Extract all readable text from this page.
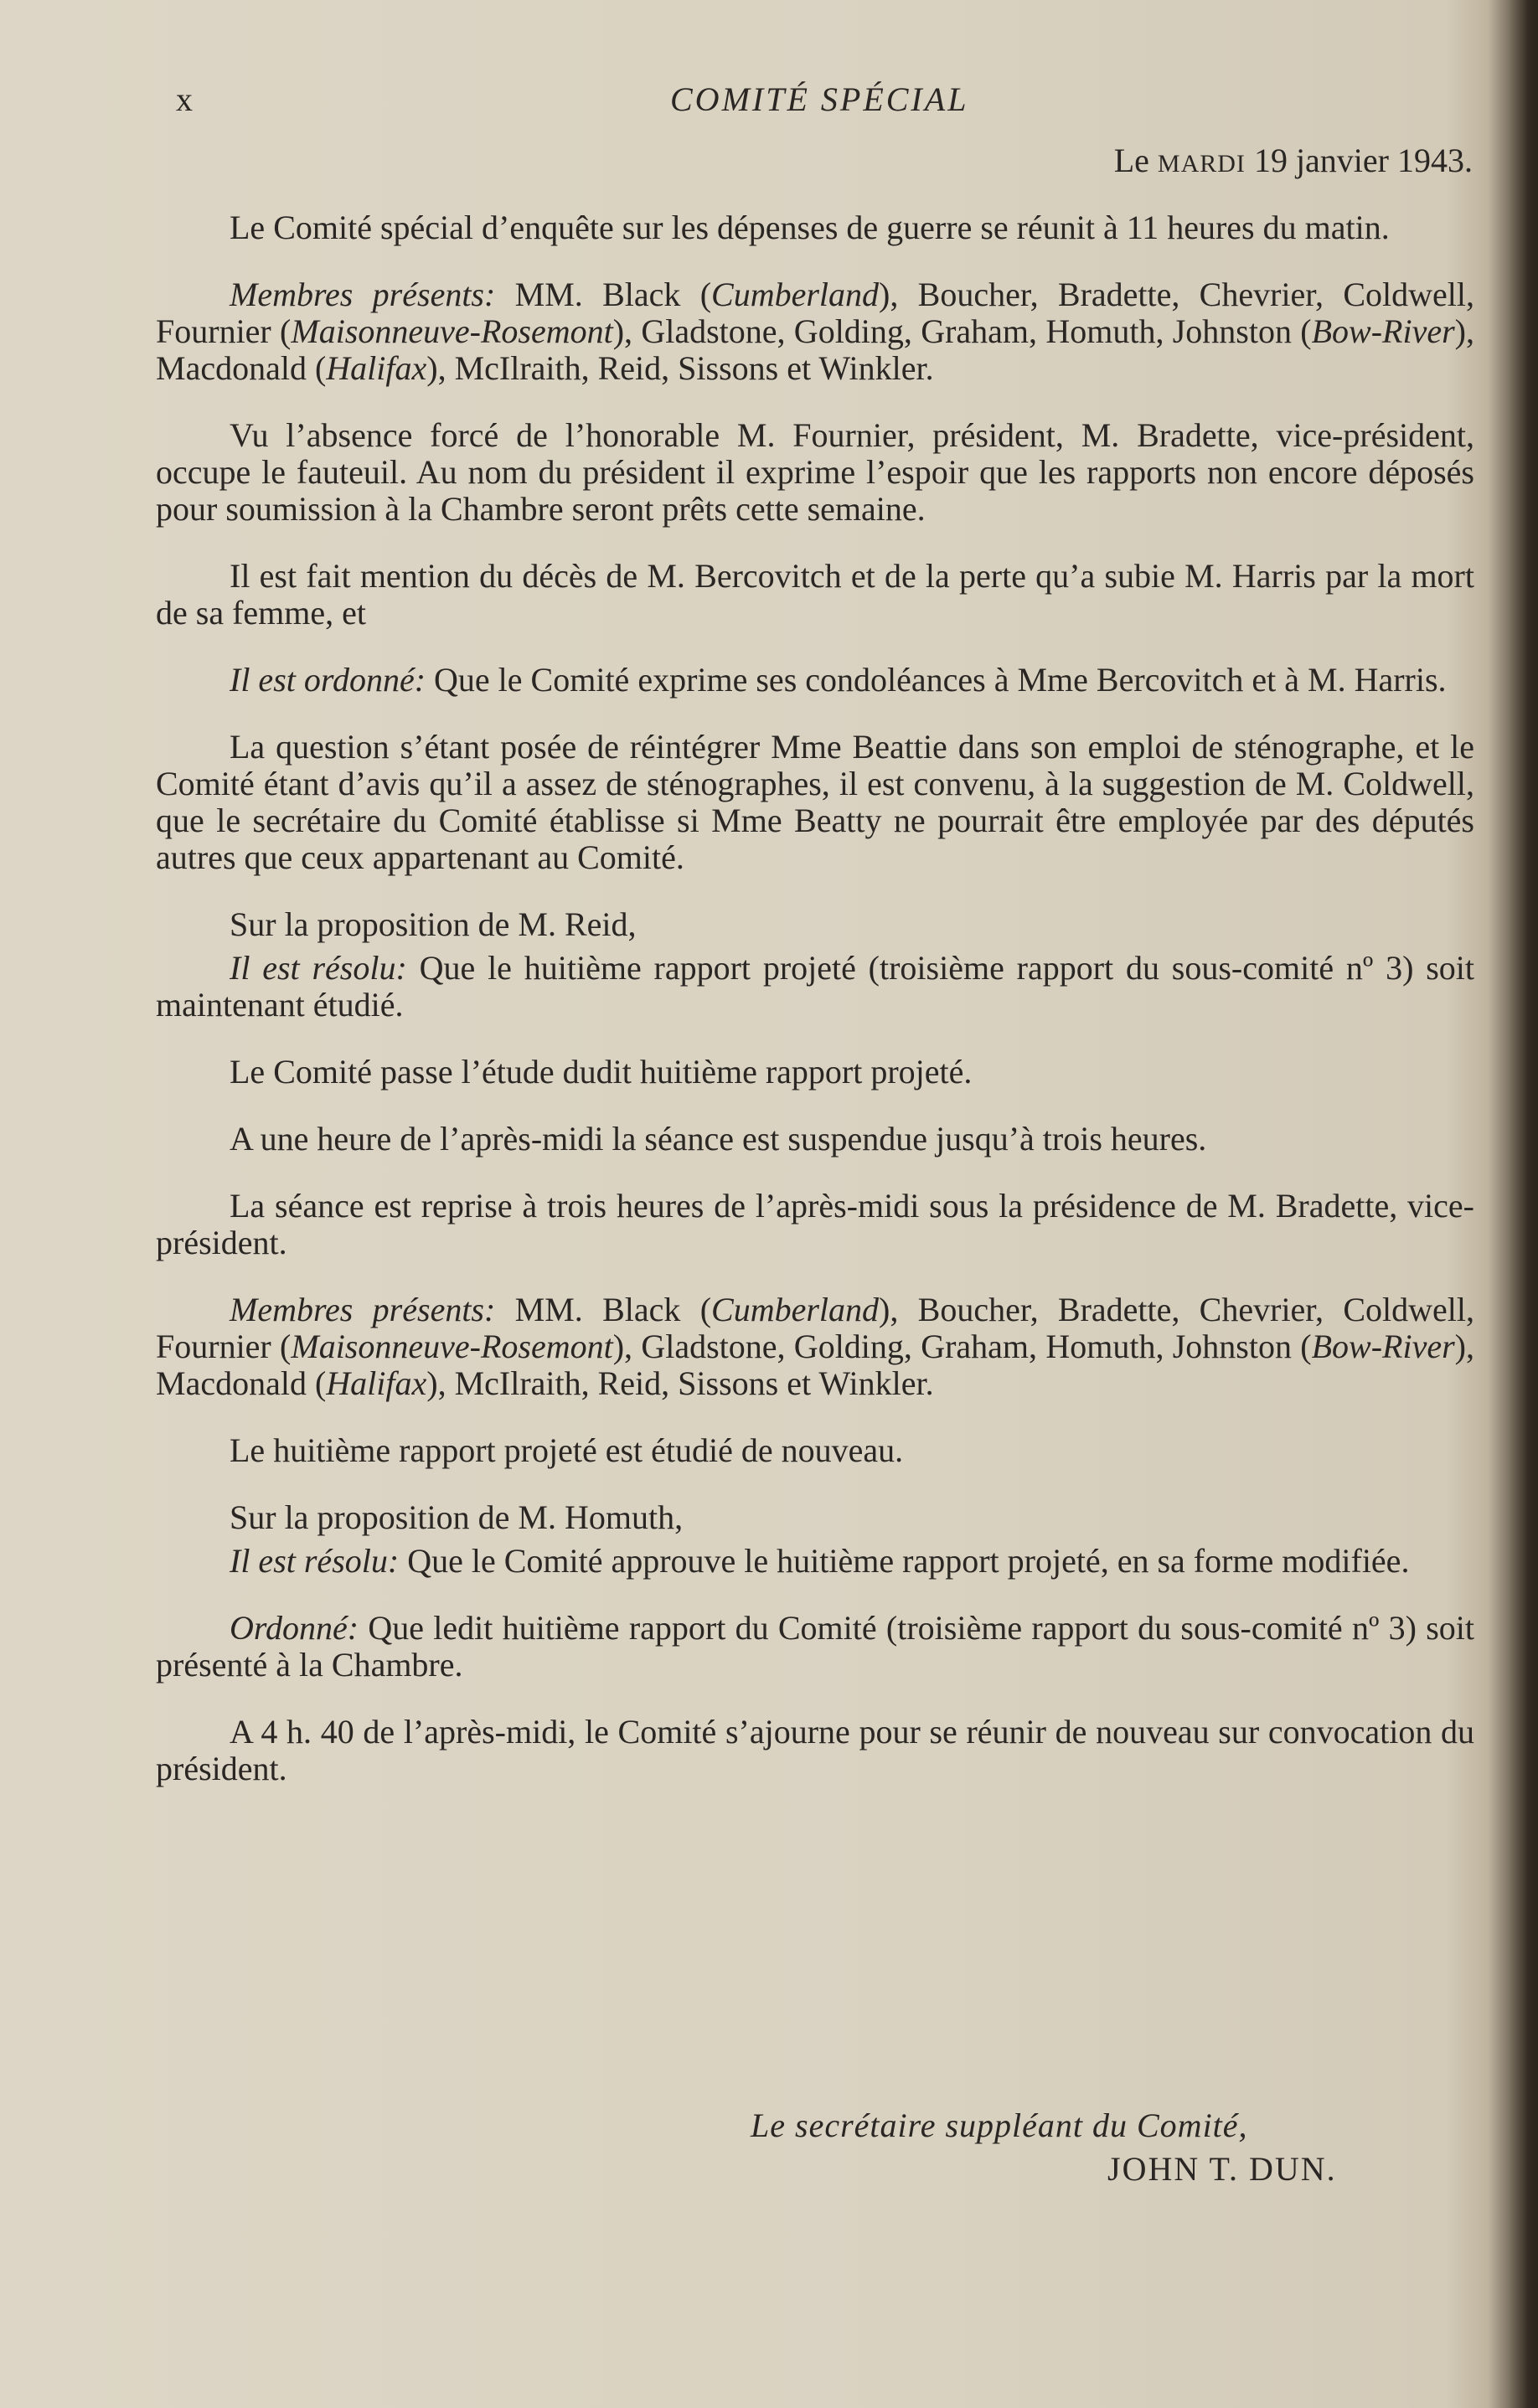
x	COMITÉ SPÉCIAL
Le MARDI 19 janvier 1943.

Le Comité spécial d’enquête sur les dépenses de guerre se réunit à 11 heures du matin.

Membres présents: MM. Black (Cumberland), Boucher, Bradette, Chevrier, Coldwell, Fournier (Maisonneuve-Rosemont), Gladstone, Golding, Graham, Homuth, Johnston (Bow-River), Macdonald (Halifax), McIlraith, Reid, Sissons et Winkler.

Vu l’absence forcé de l’honorable M. Fournier, président, M. Bradette, vice-président, occupe le fauteuil. Au nom du président il exprime l’espoir que les rapports non encore déposés pour soumission à la Chambre seront prêts cette semaine.

Il est fait mention du décès de M. Bercovitch et de la perte qu’a subie M. Harris par la mort de sa femme, et

Il est ordonné: Que le Comité exprime ses condoléances à Mme Bercovitch et à M. Harris.

La question s’étant posée de réintégrer Mme Beattie dans son emploi de sténographe, et le Comité étant d’avis qu’il a assez de sténographes, il est convenu, à la suggestion de M. Coldwell, que le secrétaire du Comité établisse si Mme Beatty ne pourrait être employée par des députés autres que ceux appartenant au Comité.

Sur la proposition de M. Reid,

Il est résolu: Que le huitième rapport projeté (troisième rapport du sous-comité nº 3) soit maintenant étudié.

Le Comité passe l’étude dudit huitième rapport projeté.

A une heure de l’après-midi la séance est suspendue jusqu’à trois heures.

La séance est reprise à trois heures de l’après-midi sous la présidence de M. Bradette, vice-président.

Membres présents: MM. Black (Cumberland), Boucher, Bradette, Chevrier, Coldwell, Fournier (Maisonneuve-Rosemont), Gladstone, Golding, Graham, Homuth, Johnston (Bow-River), Macdonald (Halifax), McIlraith, Reid, Sissons et Winkler.

Le huitième rapport projeté est étudié de nouveau.

Sur la proposition de M. Homuth,

Il est résolu: Que le Comité approuve le huitième rapport projeté, en sa forme modifiée.

Ordonné: Que ledit huitième rapport du Comité (troisième rapport du sous-comité nº 3) soit présenté à la Chambre.

A 4 h. 40 de l’après-midi, le Comité s’ajourne pour se réunir de nouveau sur convocation du président.

Le secrétaire suppléant du Comité,
JOHN T. DUN.
